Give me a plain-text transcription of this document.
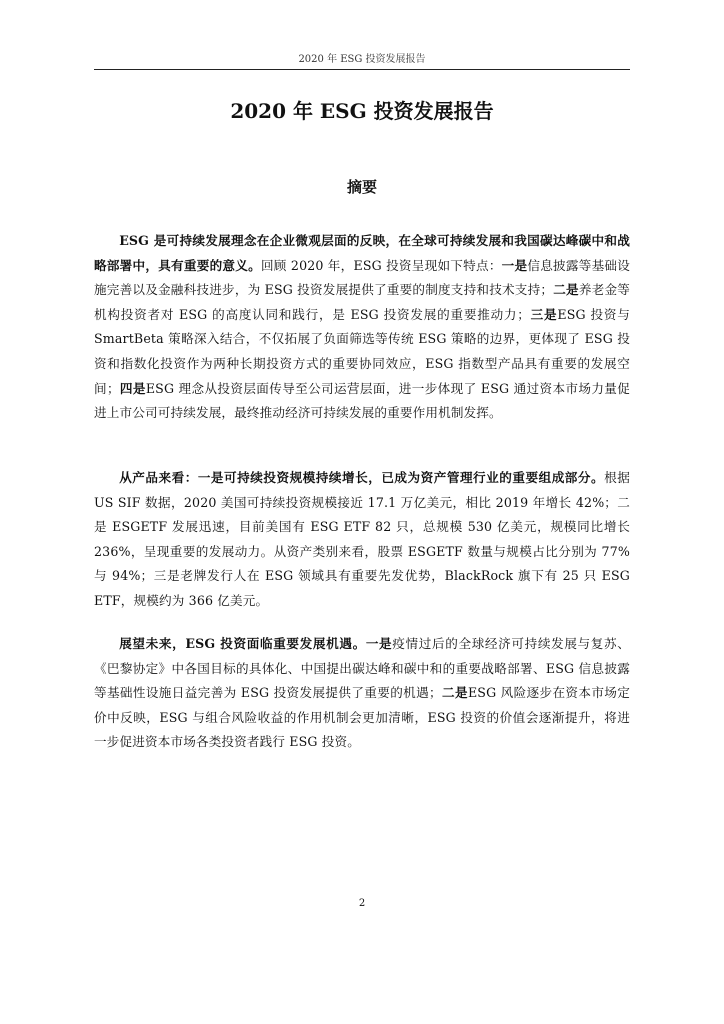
2020 年 ESG 投资发展报告
2020 年 ESG 投资发展报告
摘要

ESG 是可持续发展理念在企业微观层面的反映，在全球可持续发展和我国碳达峰碳中和战略部署中，具有重要的意义。回顾 2020 年，ESG 投资呈现如下特点：一是信息披露等基础设施完善以及金融科技进步，为 ESG 投资发展提供了重要的制度支持和技术支持；二是养老金等机构投资者对 ESG 的高度认同和践行，是 ESG 投资发展的重要推动力；三是ESG 投资与 SmartBeta 策略深入结合，不仅拓展了负面筛选等传统 ESG 策略的边界，更体现了 ESG 投资和指数化投资作为两种长期投资方式的重要协同效应，ESG 指数型产品具有重要的发展空间；四是ESG 理念从投资层面传导至公司运营层面，进一步体现了 ESG 通过资本市场力量促进上市公司可持续发展，最终推动经济可持续发展的重要作用机制发挥。

从产品来看：一是可持续投资规模持续增长，已成为资产管理行业的重要组成部分。根据 US SIF 数据，2020 美国可持续投资规模接近 17.1 万亿美元，相比 2019 年增长 42%；二是 ESGETF 发展迅速，目前美国有 ESG ETF 82 只，总规模 530 亿美元，规模同比增长 236%，呈现重要的发展动力。从资产类别来看，股票 ESGETF 数量与规模占比分别为 77%与 94%；三是老牌发行人在 ESG 领域具有重要先发优势，BlackRock 旗下有 25 只 ESG ETF，规模约为 366 亿美元。

展望未来，ESG 投资面临重要发展机遇。一是疫情过后的全球经济可持续发展与复苏、《巴黎协定》中各国目标的具体化、中国提出碳达峰和碳中和的重要战略部署、ESG 信息披露等基础性设施日益完善为 ESG 投资发展提供了重要的机遇；二是ESG 风险逐步在资本市场定价中反映，ESG 与组合风险收益的作用机制会更加清晰，ESG 投资的价值会逐渐提升，将进一步促进资本市场各类投资者践行 ESG 投资。

2
